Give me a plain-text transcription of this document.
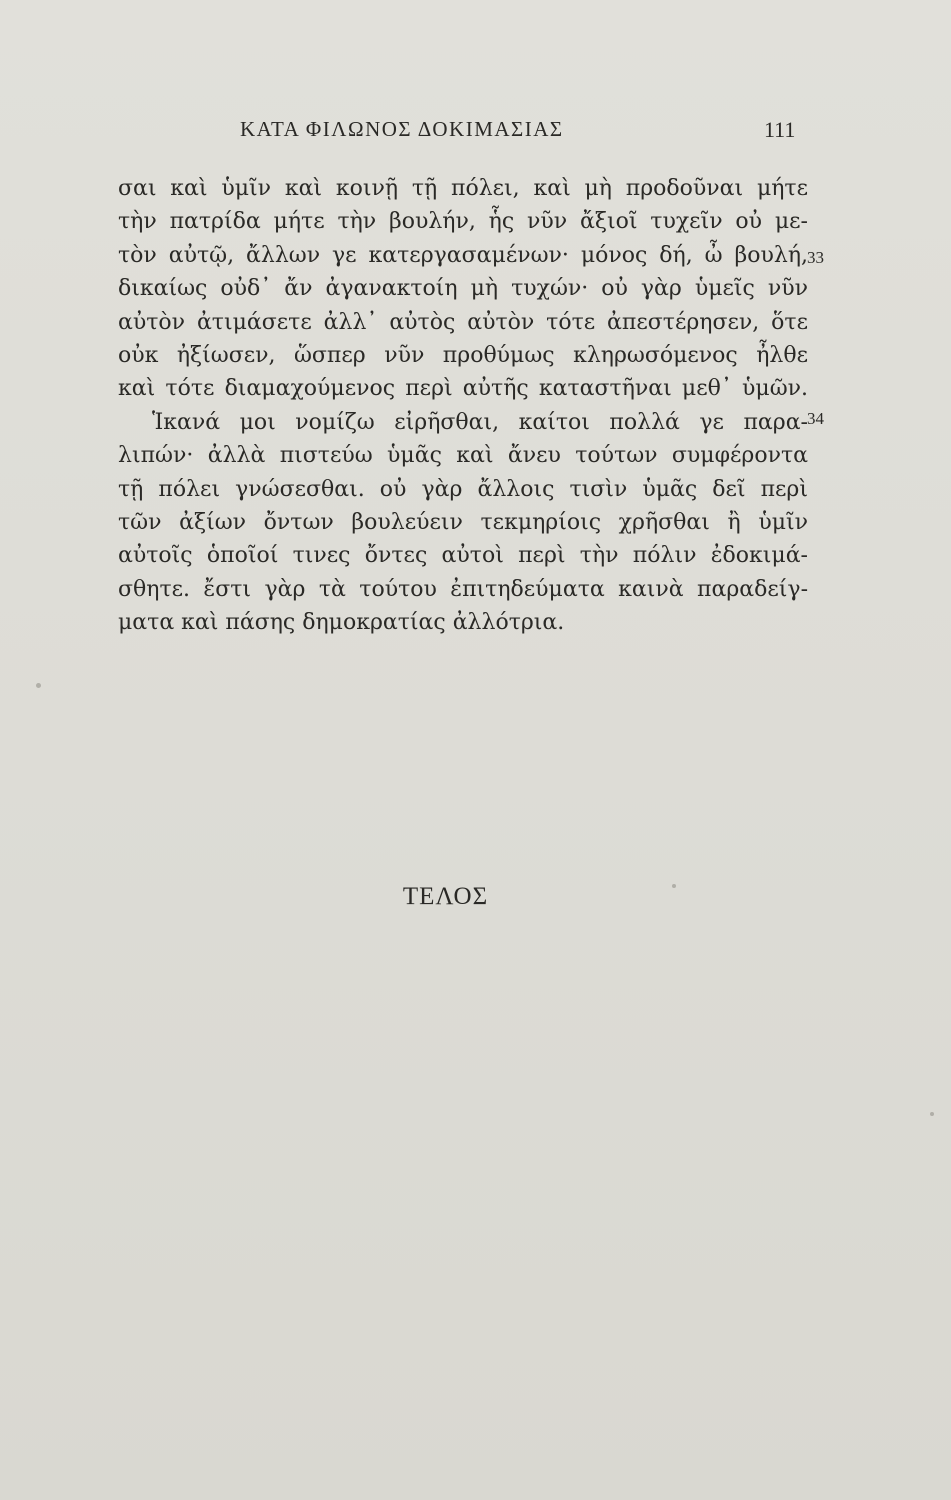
ΚΑΤΑ ΦΙΛΩΝΟΣ ΔΟΚΙΜΑΣΙΑΣ	111
σαι καὶ ὑμῖν καὶ κοινῇ τῇ πόλει, καὶ μὴ προδοῦναι μήτε
τὴν πατρίδα μήτε τὴν βουλήν, ἧς νῦν ἄξιοῖ τυχεῖν οὐ με-
τὸν αὐτῷ, ἄλλων γε κατεργασαμένων· μόνος δή, ὦ βουλή,
δικαίως οὐδ᾽ ἄν ἀγανακτοίη μὴ τυχών· οὐ γὰρ ὑμεῖς νῦν
αὐτὸν ἀτιμάσετε ἀλλ᾽ αὐτὸς αὐτὸν τότε ἀπεστέρησεν, ὅτε
οὐκ ἠξίωσεν, ὥσπερ νῦν προθύμως κληρωσόμενος ἦλθε
καὶ τότε διαμαχούμενος περὶ αὐτῆς καταστῆναι μεθ᾽ ὑμῶν.
Ἱκανά μοι νομίζω εἰρῆσθαι, καίτοι πολλά γε παρα-
λιπών· ἀλλὰ πιστεύω ὑμᾶς καὶ ἄνευ τούτων συμφέροντα
τῇ πόλει γνώσεσθαι. οὐ γὰρ ἄλλοις τισὶν ὑμᾶς δεῖ περὶ
τῶν ἀξίων ὄντων βουλεύειν τεκμηρίοις χρῆσθαι ἢ ὑμῖν
αὐτοῖς ὁποῖοί τινες ὄντες αὐτοὶ περὶ τὴν πόλιν ἐδοκιμά-
σθητε. ἔστι γὰρ τὰ τούτου ἐπιτηδεύματα καινὰ παραδείγ-
ματα καὶ πάσης δημοκρατίας ἀλλότρια.
33
34
ΤΕΛΟΣ
